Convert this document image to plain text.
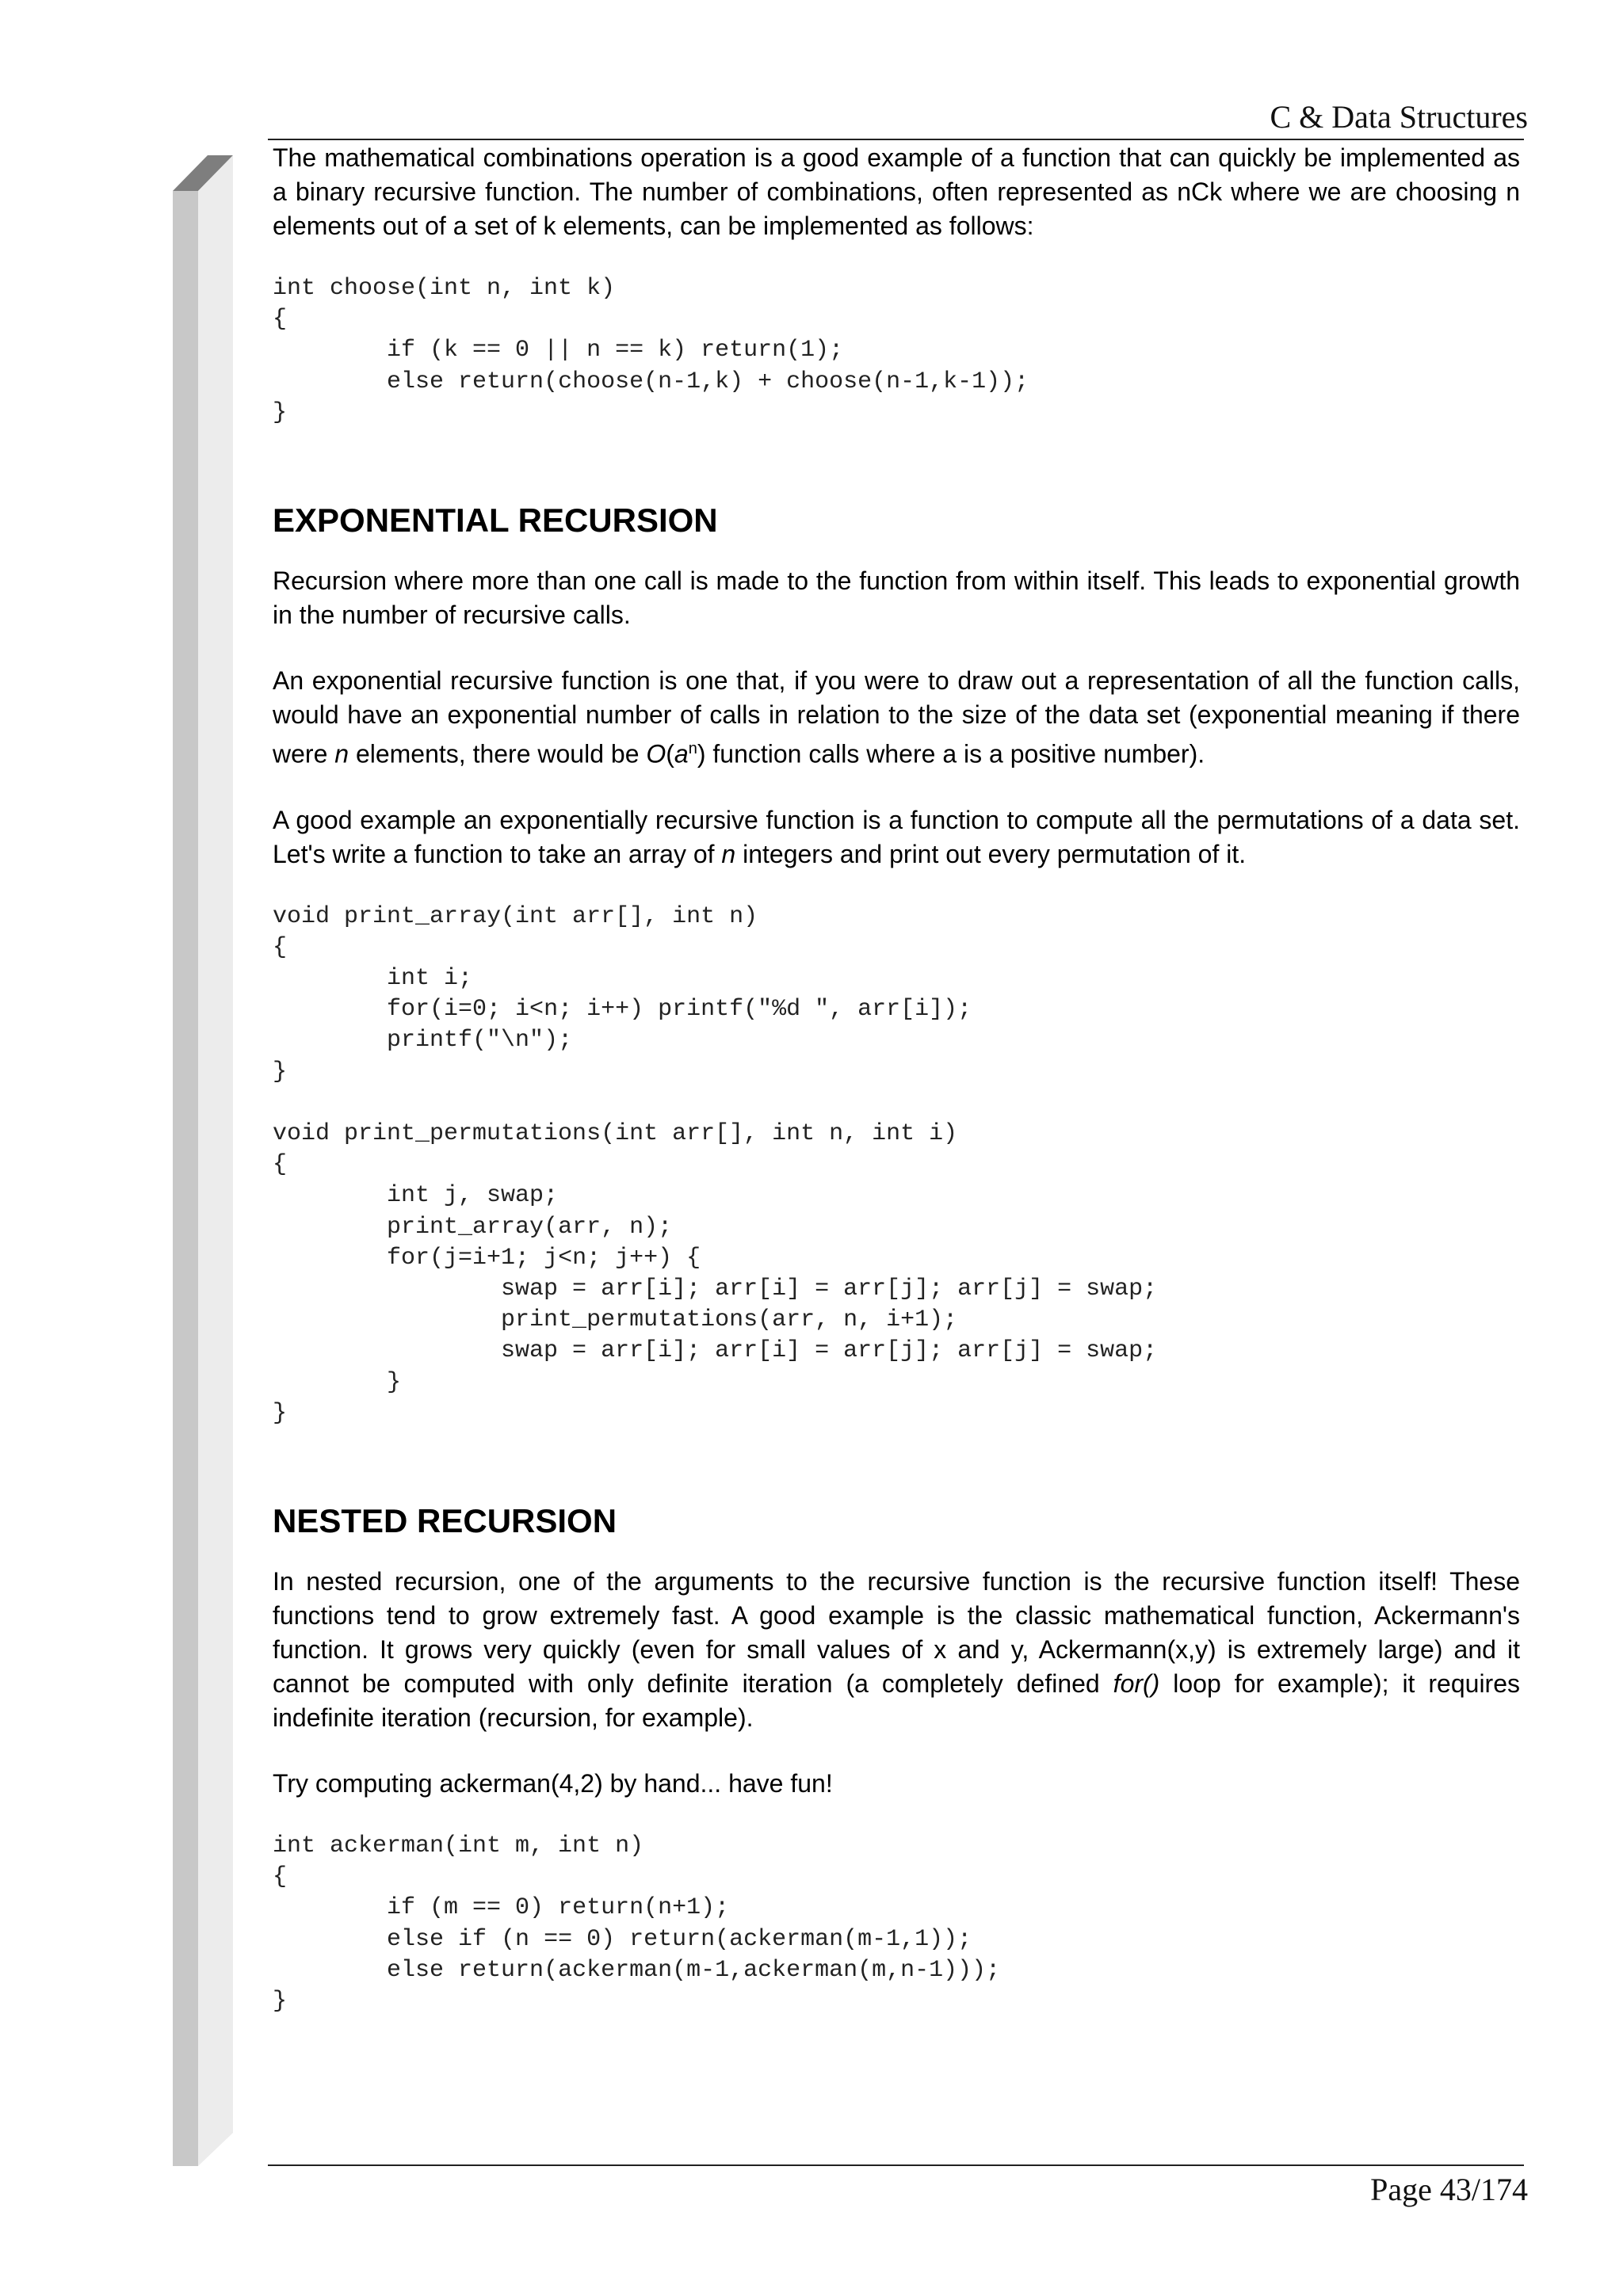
C & Data Structures

The mathematical combinations operation is a good example of a function that can quickly be implemented as a binary recursive function. The number of combinations, often represented as nCk where we are choosing n elements out of a set of k elements, can be implemented as follows:

int choose(int n, int k)
{
	if (k == 0 || n == k) return(1);
	else return(choose(n-1,k) + choose(n-1,k-1));
}
EXPONENTIAL RECURSION

Recursion where more than one call is made to the function from within itself. This leads to exponential growth in the number of recursive calls.

An exponential recursive function is one that, if you were to draw out a representation of all the function calls, would have an exponential number of calls in relation to the size of the data set (exponential meaning if there were n elements, there would be $O(a^n)$ function calls where a is a positive number).

A good example an exponentially recursive function is a function to compute all the permutations of a data set. Let's write a function to take an array of n integers and print out every permutation of it.

void print_array(int arr[], int n)
{
	int i;
	for(i=0; i<n; i++) printf("%d ", arr[i]);
	printf("\n");
}
void print_permutations(int arr[], int n, int i)
{
	int j, swap;
	print_array(arr, n);
	for(j=i+1; j<n; j++) {
		swap = arr[i]; arr[i] = arr[j]; arr[j] = swap;
		print_permutations(arr, n, i+1);
		swap = arr[i]; arr[i] = arr[j]; arr[j] = swap;
	}
}
NESTED RECURSION

In nested recursion, one of the arguments to the recursive function is the recursive function itself! These functions tend to grow extremely fast. A good example is the classic mathematical function, Ackermann's function. It grows very quickly (even for small values of x and y, Ackermann(x,y) is extremely large) and it cannot be computed with only definite iteration (a completely defined for() loop for example); it requires indefinite iteration (recursion, for example).

Try computing ackerman(4,2) by hand... have fun!

int ackerman(int m, int n)
{
	if (m == 0) return(n+1);
	else if (n == 0) return(ackerman(m-1,1));
	else return(ackerman(m-1,ackerman(m,n-1)));
}
Page 43/174
